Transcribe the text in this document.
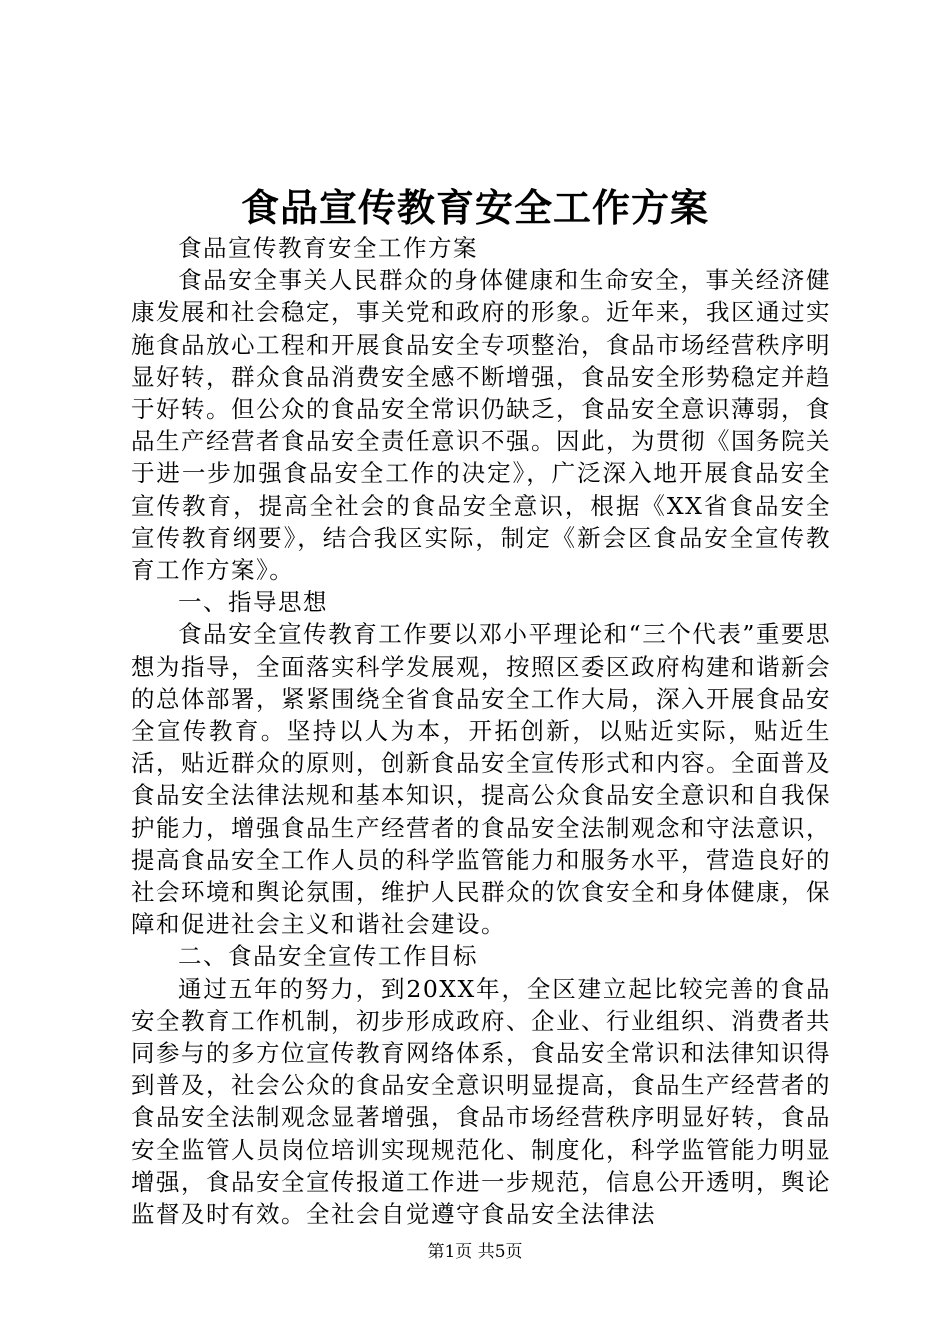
食品宣传教育安全工作方案

食品宣传教育安全工作方案

食品安全事关人民群众的身体健康和生命安全，事关经济健康发展和社会稳定，事关党和政府的形象。近年来，我区通过实施食品放心工程和开展食品安全专项整治，食品市场经营秩序明显好转，群众食品消费安全感不断增强，食品安全形势稳定并趋于好转。但公众的食品安全常识仍缺乏，食品安全意识薄弱，食品生产经营者食品安全责任意识不强。因此，为贯彻《国务院关于进一步加强食品安全工作的决定》，广泛深入地开展食品安全宣传教育，提高全社会的食品安全意识，根据《XX省食品安全宣传教育纲要》，结合我区实际，制定《新会区食品安全宣传教育工作方案》。

一、指导思想

食品安全宣传教育工作要以邓小平理论和“三个代表”重要思想为指导，全面落实科学发展观，按照区委区政府构建和谐新会的总体部署，紧紧围绕全省食品安全工作大局，深入开展食品安全宣传教育。坚持以人为本，开拓创新，以贴近实际，贴近生活，贴近群众的原则，创新食品安全宣传形式和内容。全面普及食品安全法律法规和基本知识，提高公众食品安全意识和自我保护能力，增强食品生产经营者的食品安全法制观念和守法意识，提高食品安全工作人员的科学监管能力和服务水平，营造良好的社会环境和舆论氛围，维护人民群众的饮食安全和身体健康，保障和促进社会主义和谐社会建设。

二、食品安全宣传工作目标

通过五年的努力，到20XX年，全区建立起比较完善的食品安全教育工作机制，初步形成政府、企业、行业组织、消费者共同参与的多方位宣传教育网络体系，食品安全常识和法律知识得到普及，社会公众的食品安全意识明显提高，食品生产经营者的食品安全法制观念显著增强，食品市场经营秩序明显好转，食品安全监管人员岗位培训实现规范化、制度化，科学监管能力明显增强，食品安全宣传报道工作进一步规范，信息公开透明，舆论监督及时有效。全社会自觉遵守食品安全法律法

第1页 共5页
